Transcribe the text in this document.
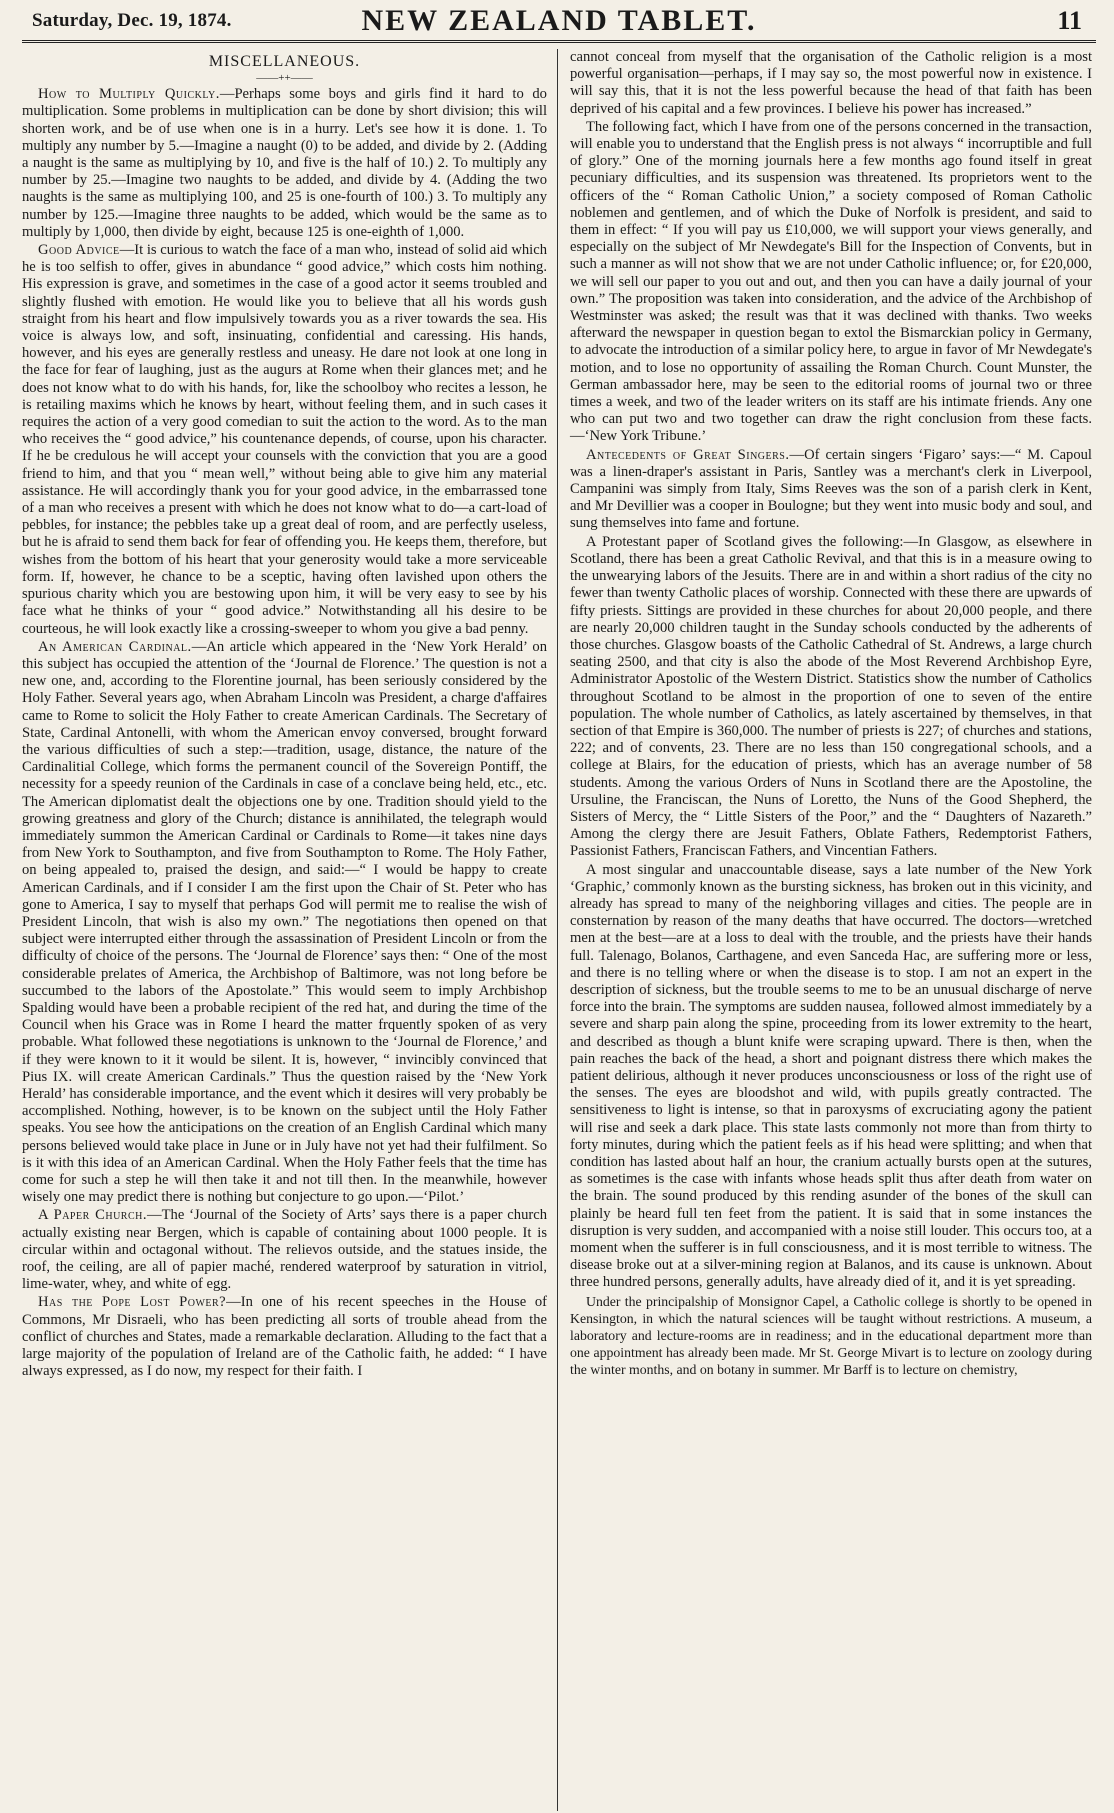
Saturday, Dec. 19, 1874.	NEW ZEALAND TABLET.	11
MISCELLANEOUS.
——++——

How to Multiply Quickly.—Perhaps some boys and girls find it hard to do multiplication. Some problems in multiplication can be done by short division; this will shorten work, and be of use when one is in a hurry. Let's see how it is done. 1. To multiply any number by 5.—Imagine a naught (0) to be added, and divide by 2. (Adding a naught is the same as multiplying by 10, and five is the half of 10.) 2. To multiply any number by 25.—Imagine two naughts to be added, and divide by 4. (Adding the two naughts is the same as multiplying 100, and 25 is one-fourth of 100.) 3. To multiply any number by 125.—Imagine three naughts to be added, which would be the same as to multiply by 1,000, then divide by eight, because 125 is one-eighth of 1,000.

Good Advice—It is curious to watch the face of a man who, instead of solid aid which he is too selfish to offer, gives in abundance “ good advice,” which costs him nothing. His expression is grave, and sometimes in the case of a good actor it seems troubled and slightly flushed with emotion. He would like you to believe that all his words gush straight from his heart and flow impulsively towards you as a river towards the sea. His voice is always low, and soft, insinuating, confidential and caressing. His hands, however, and his eyes are generally restless and uneasy. He dare not look at one long in the face for fear of laughing, just as the augurs at Rome when their glances met; and he does not know what to do with his hands, for, like the schoolboy who recites a lesson, he is retailing maxims which he knows by heart, without feeling them, and in such cases it requires the action of a very good comedian to suit the action to the word. As to the man who receives the “ good advice,” his countenance depends, of course, upon his character. If he be credulous he will accept your counsels with the conviction that you are a good friend to him, and that you “ mean well,” without being able to give him any material assistance. He will accordingly thank you for your good advice, in the embarrassed tone of a man who receives a present with which he does not know what to do—a cart-load of pebbles, for instance; the pebbles take up a great deal of room, and are perfectly useless, but he is afraid to send them back for fear of offending you. He keeps them, therefore, but wishes from the bottom of his heart that your generosity would take a more serviceable form. If, however, he chance to be a sceptic, having often lavished upon others the spurious charity which you are bestowing upon him, it will be very easy to see by his face what he thinks of your “ good advice.” Notwithstanding all his desire to be courteous, he will look exactly like a crossing-sweeper to whom you give a bad penny.

An American Cardinal.—An article which appeared in the ‘New York Herald’ on this subject has occupied the attention of the ‘Journal de Florence.’ The question is not a new one, and, according to the Florentine journal, has been seriously considered by the Holy Father. Several years ago, when Abraham Lincoln was President, a charge d'affaires came to Rome to solicit the Holy Father to create American Cardinals. The Secretary of State, Cardinal Antonelli, with whom the American envoy conversed, brought forward the various difficulties of such a step:—tradition, usage, distance, the nature of the Cardinalitial College, which forms the permanent council of the Sovereign Pontiff, the necessity for a speedy reunion of the Cardinals in case of a conclave being held, etc., etc. The American diplomatist dealt the objections one by one. Tradition should yield to the growing greatness and glory of the Church; distance is annihilated, the telegraph would immediately summon the American Cardinal or Cardinals to Rome—it takes nine days from New York to Southampton, and five from Southampton to Rome. The Holy Father, on being appealed to, praised the design, and said:—“ I would be happy to create American Cardinals, and if I consider I am the first upon the Chair of St. Peter who has gone to America, I say to myself that perhaps God will permit me to realise the wish of President Lincoln, that wish is also my own.” The negotiations then opened on that subject were interrupted either through the assassination of President Lincoln or from the difficulty of choice of the persons. The ‘Journal de Florence’ says then: “ One of the most considerable prelates of America, the Archbishop of Baltimore, was not long before be succumbed to the labors of the Apostolate.” This would seem to imply Archbishop Spalding would have been a probable recipient of the red hat, and during the time of the Council when his Grace was in Rome I heard the matter frquently spoken of as very probable. What followed these negotiations is unknown to the ‘Journal de Florence,’ and if they were known to it it would be silent. It is, however, “ invincibly convinced that Pius IX. will create American Cardinals.” Thus the question raised by the ‘New York Herald’ has considerable importance, and the event which it desires will very probably be accomplished. Nothing, however, is to be known on the subject until the Holy Father speaks. You see how the anticipations on the creation of an English Cardinal which many persons believed would take place in June or in July have not yet had their fulfilment. So is it with this idea of an American Cardinal. When the Holy Father feels that the time has come for such a step he will then take it and not till then. In the meanwhile, however wisely one may predict there is nothing but conjecture to go upon.—‘Pilot.’

A Paper Church.—The ‘Journal of the Society of Arts’ says there is a paper church actually existing near Bergen, which is capable of containing about 1000 people. It is circular within and octagonal without. The relievos outside, and the statues inside, the roof, the ceiling, are all of papier maché, rendered waterproof by saturation in vitriol, lime-water, whey, and white of egg.

Has the Pope Lost Power?—In one of his recent speeches in the House of Commons, Mr Disraeli, who has been predicting all sorts of trouble ahead from the conflict of churches and States, made a remarkable declaration. Alluding to the fact that a large majority of the population of Ireland are of the Catholic faith, he added: “ I have always expressed, as I do now, my respect for their faith. I

cannot conceal from myself that the organisation of the Catholic religion is a most powerful organisation—perhaps, if I may say so, the most powerful now in existence. I will say this, that it is not the less powerful because the head of that faith has been deprived of his capital and a few provinces. I believe his power has increased.”

The following fact, which I have from one of the persons concerned in the transaction, will enable you to understand that the English press is not always “ incorruptible and full of glory.” One of the morning journals here a few months ago found itself in great pecuniary difficulties, and its suspension was threatened. Its proprietors went to the officers of the “ Roman Catholic Union,” a society composed of Roman Catholic noblemen and gentlemen, and of which the Duke of Norfolk is president, and said to them in effect: “ If you will pay us £10,000, we will support your views generally, and especially on the subject of Mr Newdegate's Bill for the Inspection of Convents, but in such a manner as will not show that we are not under Catholic influence; or, for £20,000, we will sell our paper to you out and out, and then you can have a daily journal of your own.” The proposition was taken into consideration, and the advice of the Archbishop of Westminster was asked; the result was that it was declined with thanks. Two weeks afterward the newspaper in question began to extol the Bismarckian policy in Germany, to advocate the introduction of a similar policy here, to argue in favor of Mr Newdegate's motion, and to lose no opportunity of assailing the Roman Church. Count Munster, the German ambassador here, may be seen to the editorial rooms of journal two or three times a week, and two of the leader writers on its staff are his intimate friends. Any one who can put two and two together can draw the right conclusion from these facts.—‘New York Tribune.’

Antecedents of Great Singers.—Of certain singers ‘Figaro’ says:—“ M. Capoul was a linen-draper's assistant in Paris, Santley was a merchant's clerk in Liverpool, Campanini was simply from Italy, Sims Reeves was the son of a parish clerk in Kent, and Mr Devillier was a cooper in Boulogne; but they went into music body and soul, and sung themselves into fame and fortune.

A Protestant paper of Scotland gives the following:—In Glasgow, as elsewhere in Scotland, there has been a great Catholic Revival, and that this is in a measure owing to the unwearying labors of the Jesuits. There are in and within a short radius of the city no fewer than twenty Catholic places of worship. Connected with these there are upwards of fifty priests. Sittings are provided in these churches for about 20,000 people, and there are nearly 20,000 children taught in the Sunday schools conducted by the adherents of those churches. Glasgow boasts of the Catholic Cathedral of St. Andrews, a large church seating 2500, and that city is also the abode of the Most Reverend Archbishop Eyre, Administrator Apostolic of the Western District. Statistics show the number of Catholics throughout Scotland to be almost in the proportion of one to seven of the entire population. The whole number of Catholics, as lately ascertained by themselves, in that section of that Empire is 360,000. The number of priests is 227; of churches and stations, 222; and of convents, 23. There are no less than 150 congregational schools, and a college at Blairs, for the education of priests, which has an average number of 58 students. Among the various Orders of Nuns in Scotland there are the Apostoline, the Ursuline, the Franciscan, the Nuns of Loretto, the Nuns of the Good Shepherd, the Sisters of Mercy, the “ Little Sisters of the Poor,” and the “ Daughters of Nazareth.” Among the clergy there are Jesuit Fathers, Oblate Fathers, Redemptorist Fathers, Passionist Fathers, Franciscan Fathers, and Vincentian Fathers.

A most singular and unaccountable disease, says a late number of the New York ‘Graphic,’ commonly known as the bursting sickness, has broken out in this vicinity, and already has spread to many of the neighboring villages and cities. The people are in consternation by reason of the many deaths that have occurred. The doctors—wretched men at the best—are at a loss to deal with the trouble, and the priests have their hands full. Talenago, Bolanos, Carthagene, and even Sanceda Hac, are suffering more or less, and there is no telling where or when the disease is to stop. I am not an expert in the description of sickness, but the trouble seems to me to be an unusual discharge of nerve force into the brain. The symptoms are sudden nausea, followed almost immediately by a severe and sharp pain along the spine, proceeding from its lower extremity to the heart, and described as though a blunt knife were scraping upward. There is then, when the pain reaches the back of the head, a short and poignant distress there which makes the patient delirious, although it never produces unconsciousness or loss of the right use of the senses. The eyes are bloodshot and wild, with pupils greatly contracted. The sensitiveness to light is intense, so that in paroxysms of excruciating agony the patient will rise and seek a dark place. This state lasts commonly not more than from thirty to forty minutes, during which the patient feels as if his head were splitting; and when that condition has lasted about half an hour, the cranium actually bursts open at the sutures, as sometimes is the case with infants whose heads split thus after death from water on the brain. The sound produced by this rending asunder of the bones of the skull can plainly be heard full ten feet from the patient. It is said that in some instances the disruption is very sudden, and accompanied with a noise still louder. This occurs too, at a moment when the sufferer is in full consciousness, and it is most terrible to witness. The disease broke out at a silver-mining region at Balanos, and its cause is unknown. About three hundred persons, generally adults, have already died of it, and it is yet spreading.

Under the principalship of Monsignor Capel, a Catholic college is shortly to be opened in Kensington, in which the natural sciences will be taught without restrictions. A museum, a laboratory and lecture-rooms are in readiness; and in the educational department more than one appointment has already been made. Mr St. George Mivart is to lecture on zoology during the winter months, and on botany in summer. Mr Barff is to lecture on chemistry,
